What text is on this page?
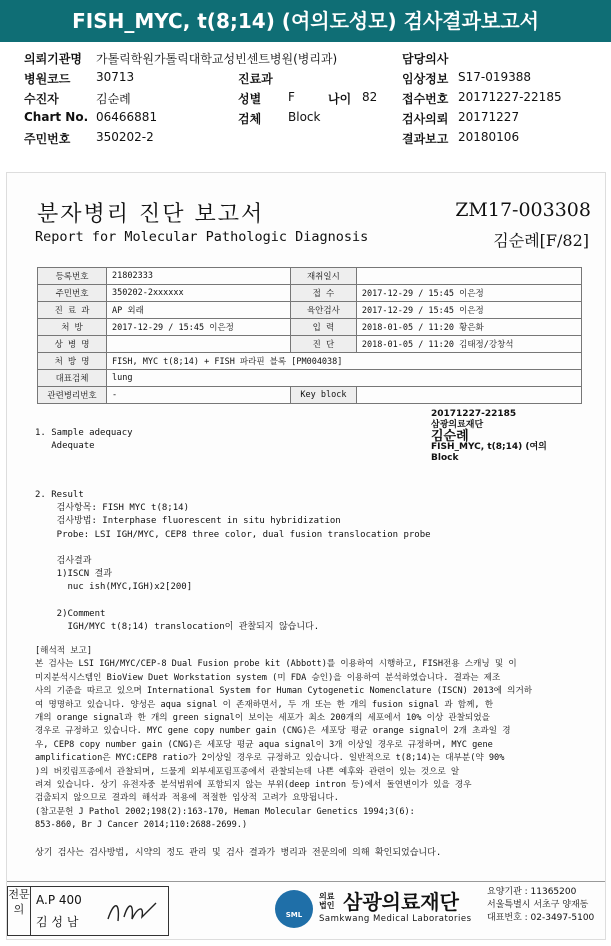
FISH_MYC, t(8;14) (여의도성모) 검사결과보고서
의뢰기관명 가톨릭학원가톨릭대학교성빈센트병원(병리과)
병원코드 30713
수진자	김순례
Chart No. 06466881
주민번호 350202-2
진료과
성별 F	나이 82
검체 Block
담당의사
임상정보 S17-019388
접수번호 20171227-22185
검사의뢰 20171227
결과보고 20180106
분자병리 진단 보고서
Report for Molecular Pathologic Diagnosis
ZM17-003308
김순례[F/82]
등록번호	21802333	재취일시	
주민번호	350202-2xxxxxx	접 수	2017-12-29 / 15:45 이은정
진 료 과	AP 외래	육안검사	2017-12-29 / 15:45 이은정
처 방	2017-12-29 / 15:45 이은정	입 력	2018-01-05 / 11:20 황은화
상 병 명		진 단	2018-01-05 / 11:20 김태정/강창석
처 방 명	FISH, MYC t(8;14) + FISH 파라핀 블록 [PM004038]		
대표검체	lung		
관련병리번호	-	Key block	
20171227-22185
삼광의료재단
김순례
FISH_MYC, t(8;14) (여의
Block
1. Sample adequacy
Adequate
2. Result
검사항목: FISH MYC t(8;14)
검사방법: Interphase fluorescent in situ hybridization
Probe: LSI IGH/MYC, CEP8 three color, dual fusion translocation probe

검사결과
1)ISCN 결과
nuc ish(MYC,IGH)x2[200]

2)Comment
IGH/MYC t(8;14) translocation이 관찰되지 않습니다.
[해석적 보고]
본 검사는 LSI IGH/MYC/CEP-8 Dual Fusion probe kit (Abbott)를 이용하여 시행하고, FISH전용 스캐닝 및 이
미지분석시스템인 BioView Duet Workstation system (미 FDA 승인)을 이용하여 분석하였습니다. 결과는 제조
사의 기준을 따르고 있으며 International System for Human Cytogenetic Nomenclature (ISCN) 2013에 의거하
여 명명하고 있습니다. 양성은 aqua signal 이 존재하면서, 두 개 또는 한 개의 fusion signal 과 함께, 한
개의 orange signal과 한 개의 green signal이 보이는 세포가 최소 200개의 세포에서 10% 이상 관찰되었을
경우로 규정하고 있습니다. MYC gene copy number gain (CNG)은 세포당 평균 orange signal이 2개 초과일 경
우, CEP8 copy number gain (CNG)은 세포당 평균 aqua signal이 3개 이상일 경우로 규정하며, MYC gene
amplification은 MYC:CEP8 ratio가 2이상일 경우로 규정하고 있습니다. 일반적으로 t(8;14)는 대부분(약 90%
)의 버킷림프종에서 관찰되며, 드물게 외부세포림프종에서 관찰되는데 나쁜 예후와 관련이 있는 것으로 알
려져 있습니다. 상기 유전자중 분석범위에 포함되지 않는 부위(deep intron 등)에서 돌연변이가 있을 경우
검출되지 않으므로 결과의 해석과 적용에 적절한 임상적 고려가 요망됩니다.
(참고문헌 J Pathol 2002;198(2):163-170, Heman Molecular Genetics 1994;3(6):
853-860, Br J Cancer 2014;110:2688-2699.)
상기 검사는 검사방법, 시약의 정도 관리 및 검사 결과가 병리과 전문의에 의해 확인되었습니다.
전문의
A.P 400
김 성 남	SML
의료
법인 삼광의료재단
Samkwang Medical Laboratories
요양기관 : 11365200
서울특별시 서초구 양재동
대표번호 : 02-3497-5100
